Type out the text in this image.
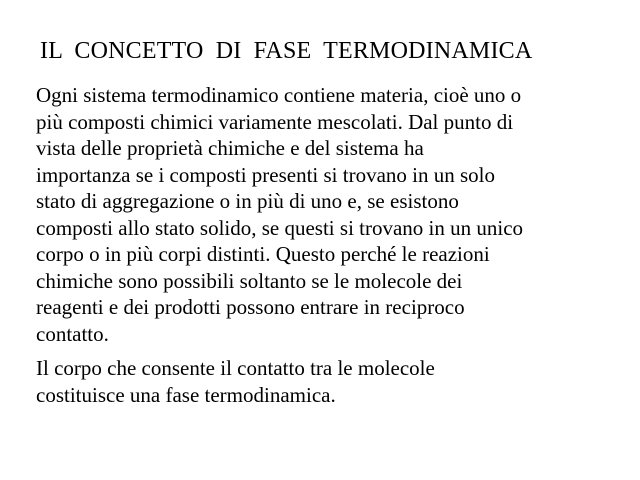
IL CONCETTO DI FASE TERMODINAMICA
Ogni sistema termodinamico contiene materia, cioè uno o
più composti chimici variamente mescolati. Dal punto di
vista delle proprietà chimiche e del sistema ha
importanza se i composti presenti si trovano in un solo
stato di aggregazione o in più di uno e, se esistono
composti allo stato solido, se questi si trovano in un unico
corpo o in più corpi distinti. Questo perché le reazioni
chimiche sono possibili soltanto se le molecole dei
reagenti e dei prodotti possono entrare in reciproco
contatto.
Il corpo che consente il contatto tra le molecole
costituisce una fase termodinamica.
